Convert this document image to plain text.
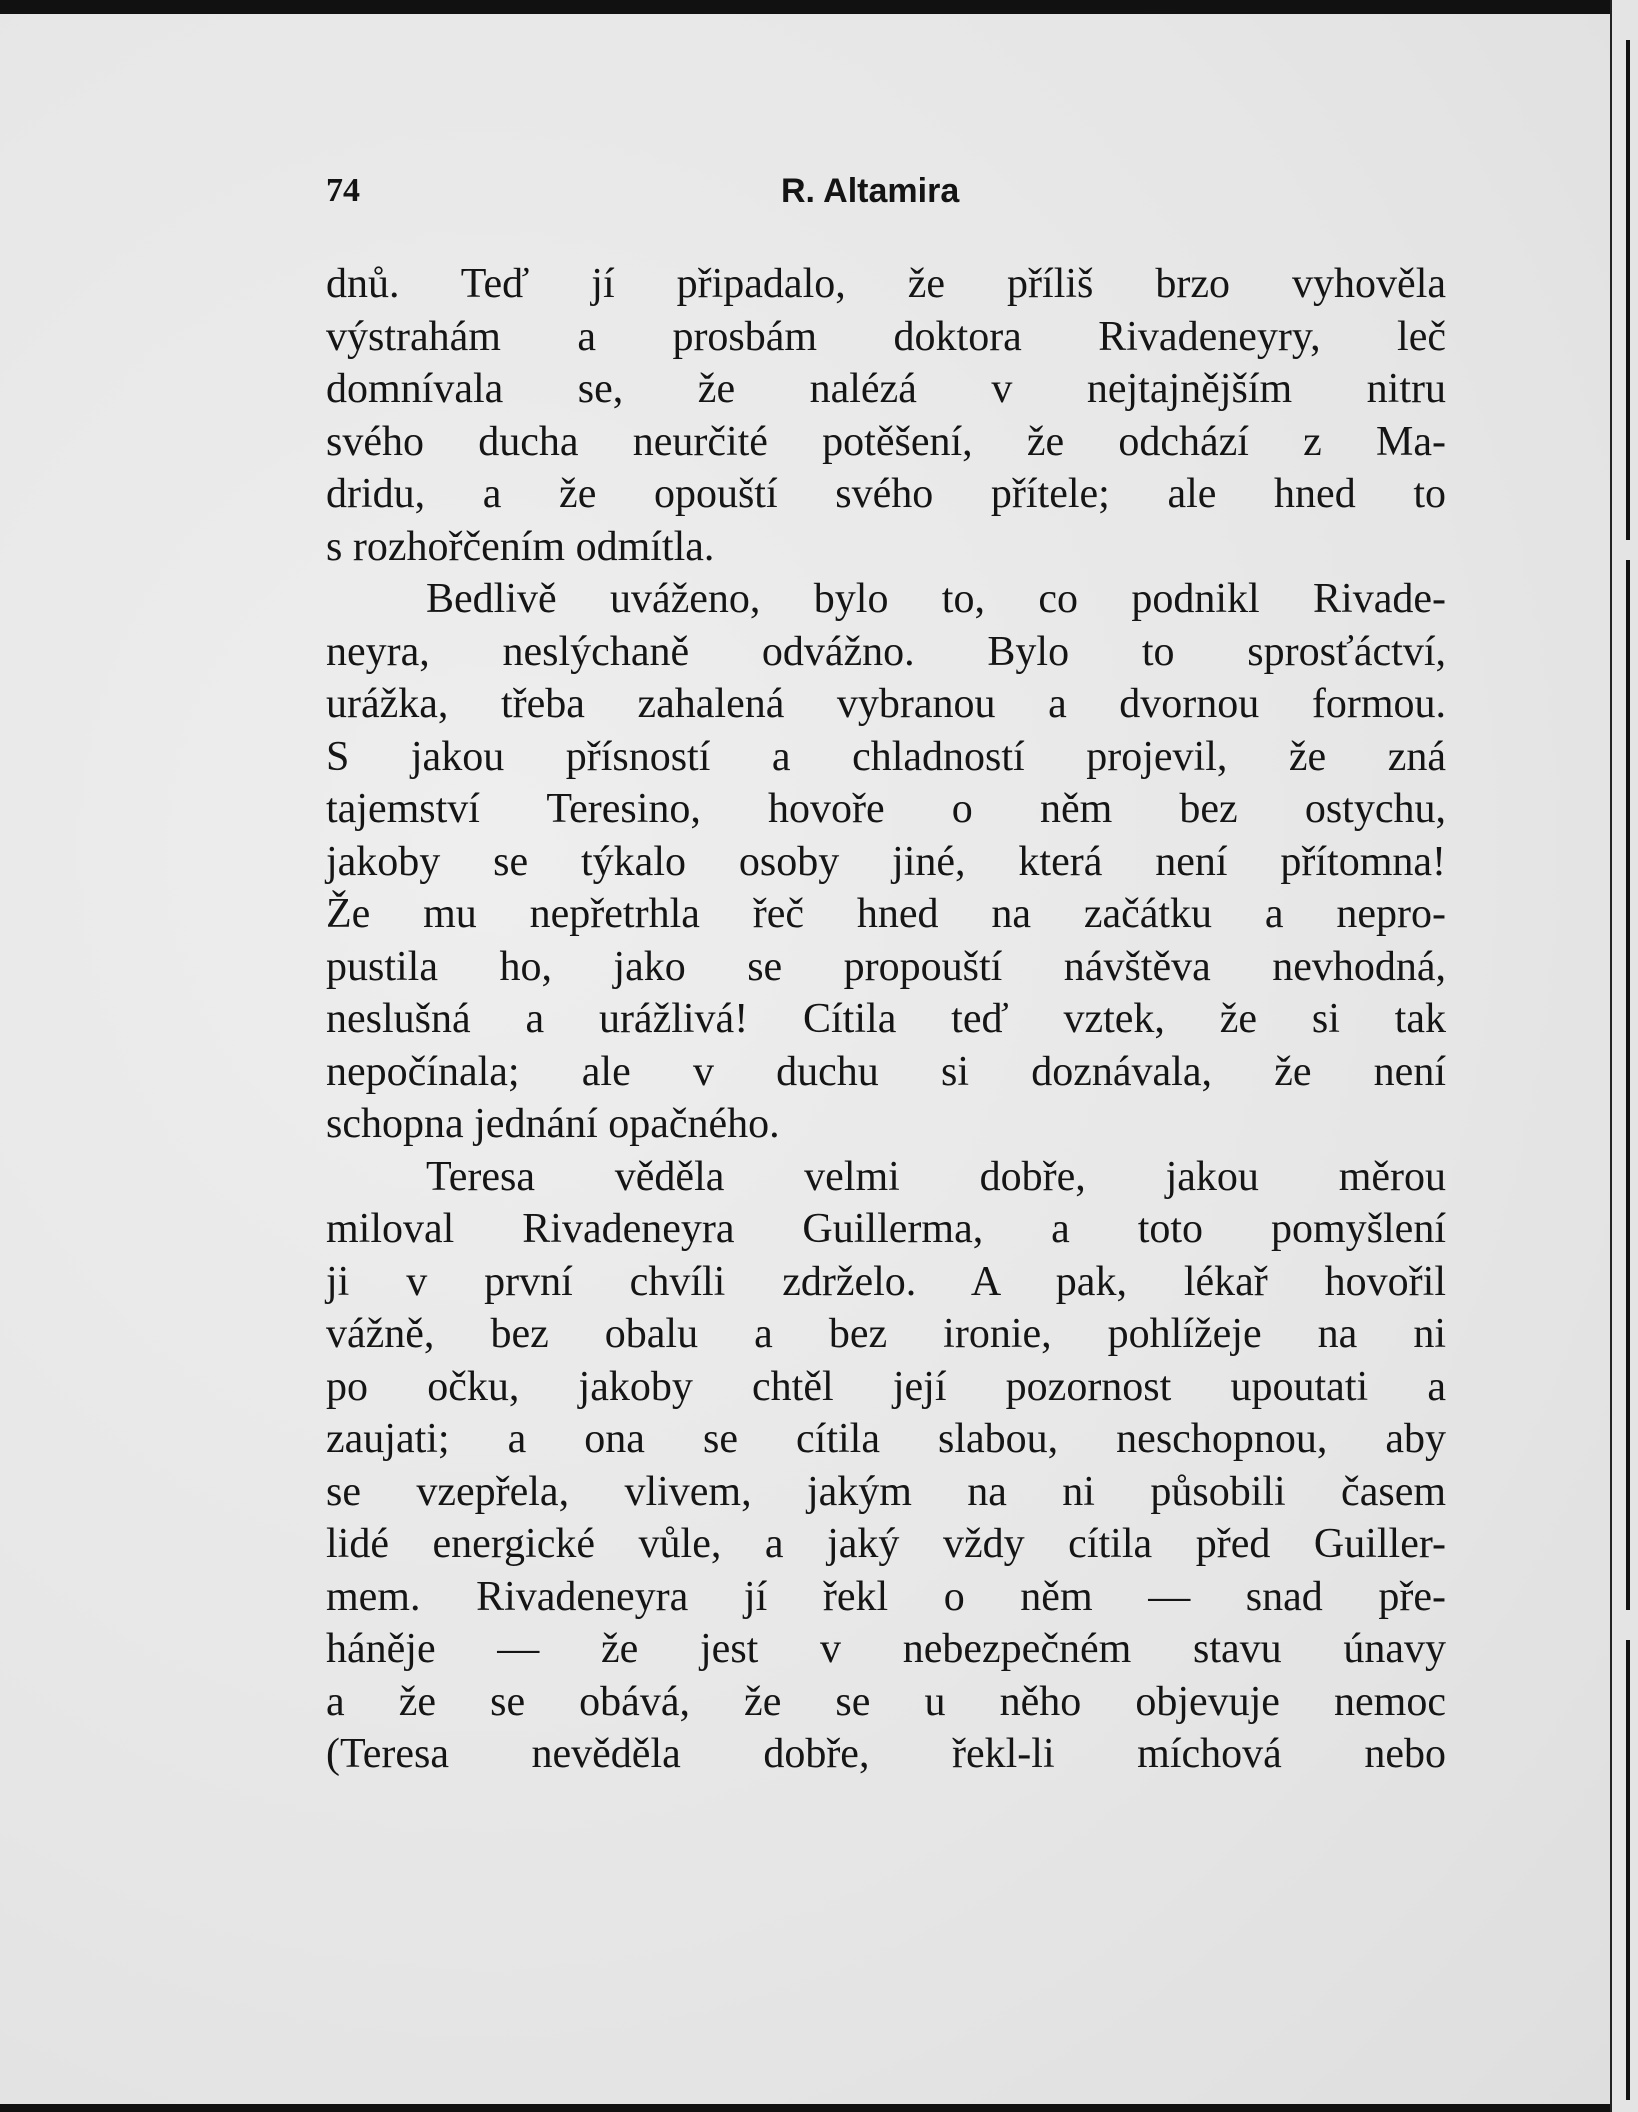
74	R. Altamira
dnů. Teď jí připadalo, že příliš brzo vyhověla
výstrahám a prosbám doktora Rivadeneyry, leč
domnívala se, že nalézá v nejtajnějším nitru
svého ducha neurčité potěšení, že odchází z Ma-
dridu, a že opouští svého přítele; ale hned to
s rozhořčením odmítla.
Bedlivě uváženo, bylo to, co podnikl Rivade-
neyra, neslýchaně odvážno. Bylo to sprosťáctví,
urážka, třeba zahalená vybranou a dvornou formou.
S jakou přísností a chladností projevil, že zná
tajemství Teresino, hovoře o něm bez ostychu,
jakoby se týkalo osoby jiné, která není přítomna!
Že mu nepřetrhla řeč hned na začátku a nepro-
pustila ho, jako se propouští návštěva nevhodná,
neslušná a urážlivá! Cítila teď vztek, že si tak
nepočínala; ale v duchu si doznávala, že není
schopna jednání opačného.
Teresa věděla velmi dobře, jakou měrou
miloval Rivadeneyra Guillerma, a toto pomyšlení
ji v první chvíli zdrželo. A pak, lékař hovořil
vážně, bez obalu a bez ironie, pohlížeje na ni
po očku, jakoby chtěl její pozornost upoutati a
zaujati; a ona se cítila slabou, neschopnou, aby
se vzepřela, vlivem, jakým na ni působili časem
lidé energické vůle, a jaký vždy cítila před Guiller-
mem. Rivadeneyra jí řekl o něm — snad pře-
háněje — že jest v nebezpečném stavu únavy
a že se obává, že se u něho objevuje nemoc
(Teresa nevěděla dobře, řekl-li míchová nebo
